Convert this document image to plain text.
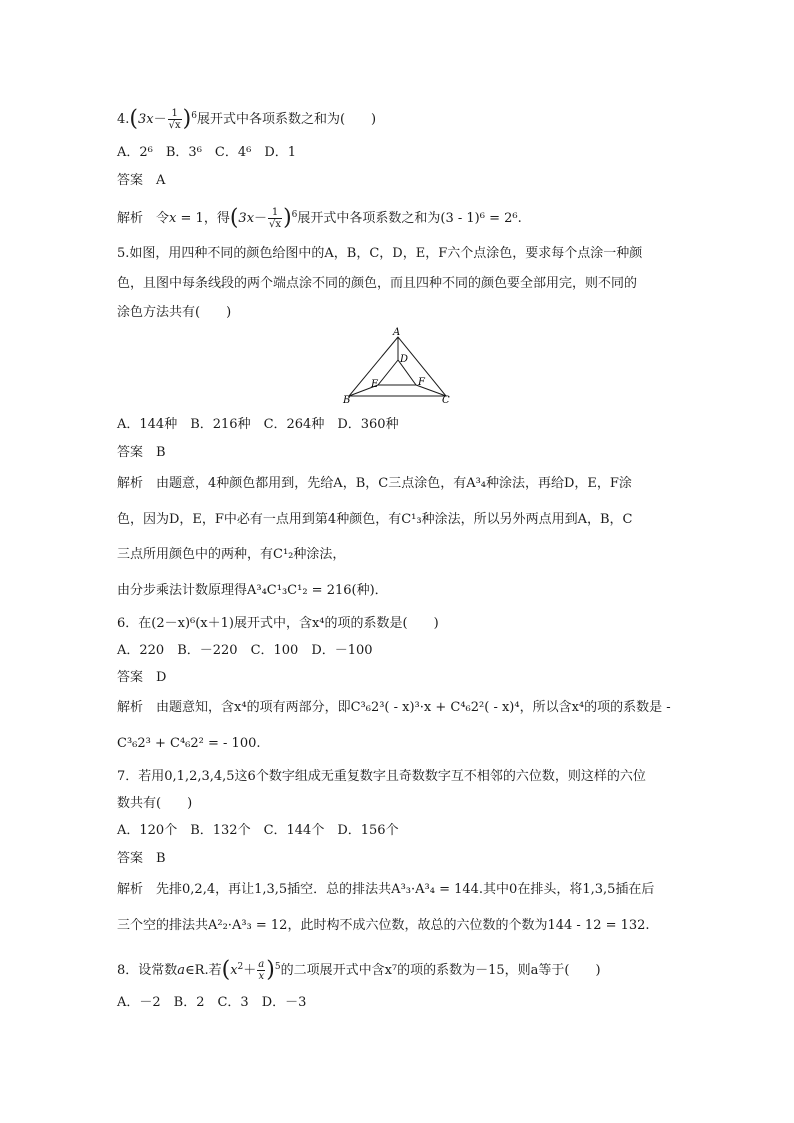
$4.(3x- \frac{1}{√x} )^6$展开式中各项系数之和为(　　)
A．2⁶　B．3⁶　C．4⁶　D．1
答案　 A
解析　 令x = 1，得$(3x- \frac{1}{√x} )^6$展开式中各项系数之和为(3 - 1)⁶ = 2⁶.
5.如图，用四种不同的颜色给图中的A，B，C，D，E，F六个点涂色，要求每个点涂一种颜
色，且图中每条线段的两个端点涂不同的颜色，而且四种不同的颜色要全部用完，则不同的
涂色方法共有(　　)
A
B	C
D
E	F
A．144种　B．216种　C．264种　D．360种
答案　 B
解析　 由题意，4种颜色都用到，先给A，B，C三点涂色，有A³₄种涂法，再给D，E，F涂
色，因为D，E，F中必有一点用到第4种颜色，有C¹₃种涂法，所以另外两点用到A，B，C
三点所用颜色中的两种，有C¹₂种涂法，
由分步乘法计数原理得A³₄C¹₃C¹₂ = 216(种)．
6．在(2－x)⁶(x＋1)展开式中，含x⁴的项的系数是(　　)
A．220　B．－220　C．100　D．－100
答案　 D
解析　 由题意知，含x⁴的项有两部分，即C³₆2³( - x)³·x + C⁴₆2²( - x)⁴，所以含x⁴的项的系数是 -
C³₆2³ + C⁴₆2² = - 100.
7．若用0,1,2,3,4,5这6个数字组成无重复数字且奇数数字互不相邻的六位数，则这样的六位
数共有(　　)
A．120个　B．132个　C．144个　D．156个
答案　 B
解析　 先排0,2,4，再让1,3,5插空．总的排法共A³₃·A³₄ = 144.其中0在排头，将1,3,5插在后
三个空的排法共A²₂·A³₃ = 12，此时构不成六位数，故总的六位数的个数为144 - 12 = 132.
8．设常数a∈R.若$(x^2+ \frac{a}{x} )^5$的二项展开式中含x⁷的项的系数为－15，则a等于(　　)
A．－2　B．2　C．3　D．－3
